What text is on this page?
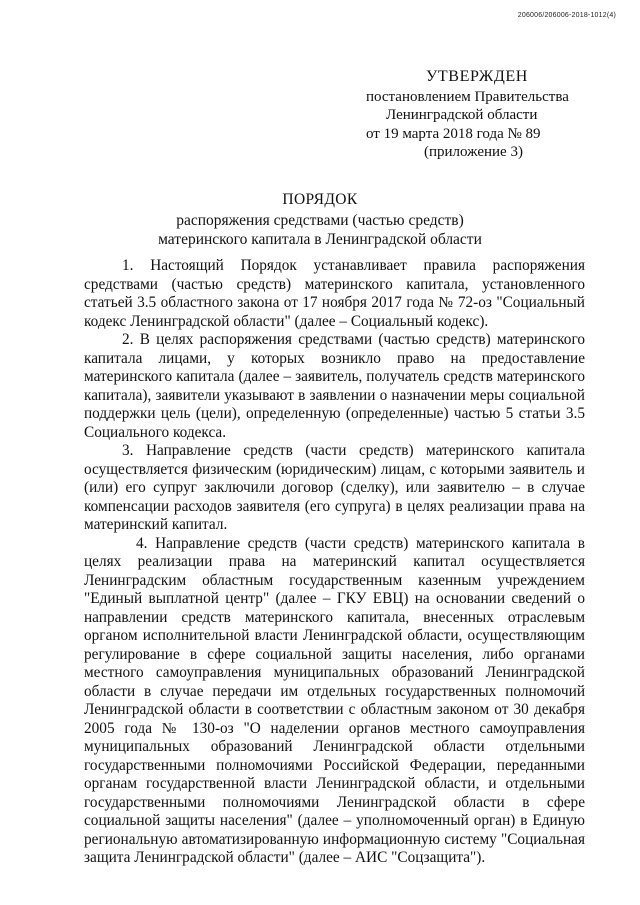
206006/206006-2018-1012(4)
УТВЕРЖДЕН
постановлением Правительства
Ленинградской области
от 19 марта 2018 года № 89
(приложение 3)
ПОРЯДОК
распоряжения средствами (частью средств)
материнского капитала в Ленинградской области

1. Настоящий Порядок устанавливает правила распоряжения средствами (частью средств) материнского капитала, установленного статьей 3.5 областного закона от 17 ноября 2017 года № 72-оз "Социальный кодекс Ленинградской области" (далее – Социальный кодекс).

2. В целях распоряжения средствами (частью средств) материнского капитала лицами, у которых возникло право на предоставление материнского капитала (далее – заявитель, получатель средств материнского капитала), заявители указывают в заявлении о назначении меры социальной поддержки цель (цели), определенную (определенные) частью 5 статьи 3.5 Социального кодекса.

3. Направление средств (части средств) материнского капитала осуществляется физическим (юридическим) лицам, с которыми заявитель и (или) его супруг заключили договор (сделку), или заявителю – в случае компенсации расходов заявителя (его супруга) в целях реализации права на материнский капитал.

4. Направление средств (части средств) материнского капитала в целях реализации права на материнский капитал осуществляется Ленинградским областным государственным казенным учреждением "Единый выплатной центр" (далее – ГКУ ЕВЦ) на основании сведений о направлении средств материнского капитала, внесенных отраслевым органом исполнительной власти Ленинградской области, осуществляющим регулирование в сфере социальной защиты населения, либо органами местного самоуправления муниципальных образований Ленинградской области в случае передачи им отдельных государственных полномочий Ленинградской области в соответствии с областным законом от 30 декабря 2005 года № 130-оз "О наделении органов местного самоуправления муниципальных образований Ленинградской области отдельными государственными полномочиями Российской Федерации, переданными органам государственной власти Ленинградской области, и отдельными государственными полномочиями Ленинградской области в сфере социальной защиты населения" (далее – уполномоченный орган) в Единую региональную автоматизированную информационную систему "Социальная защита Ленинградской области" (далее – АИС "Соцзащита").
